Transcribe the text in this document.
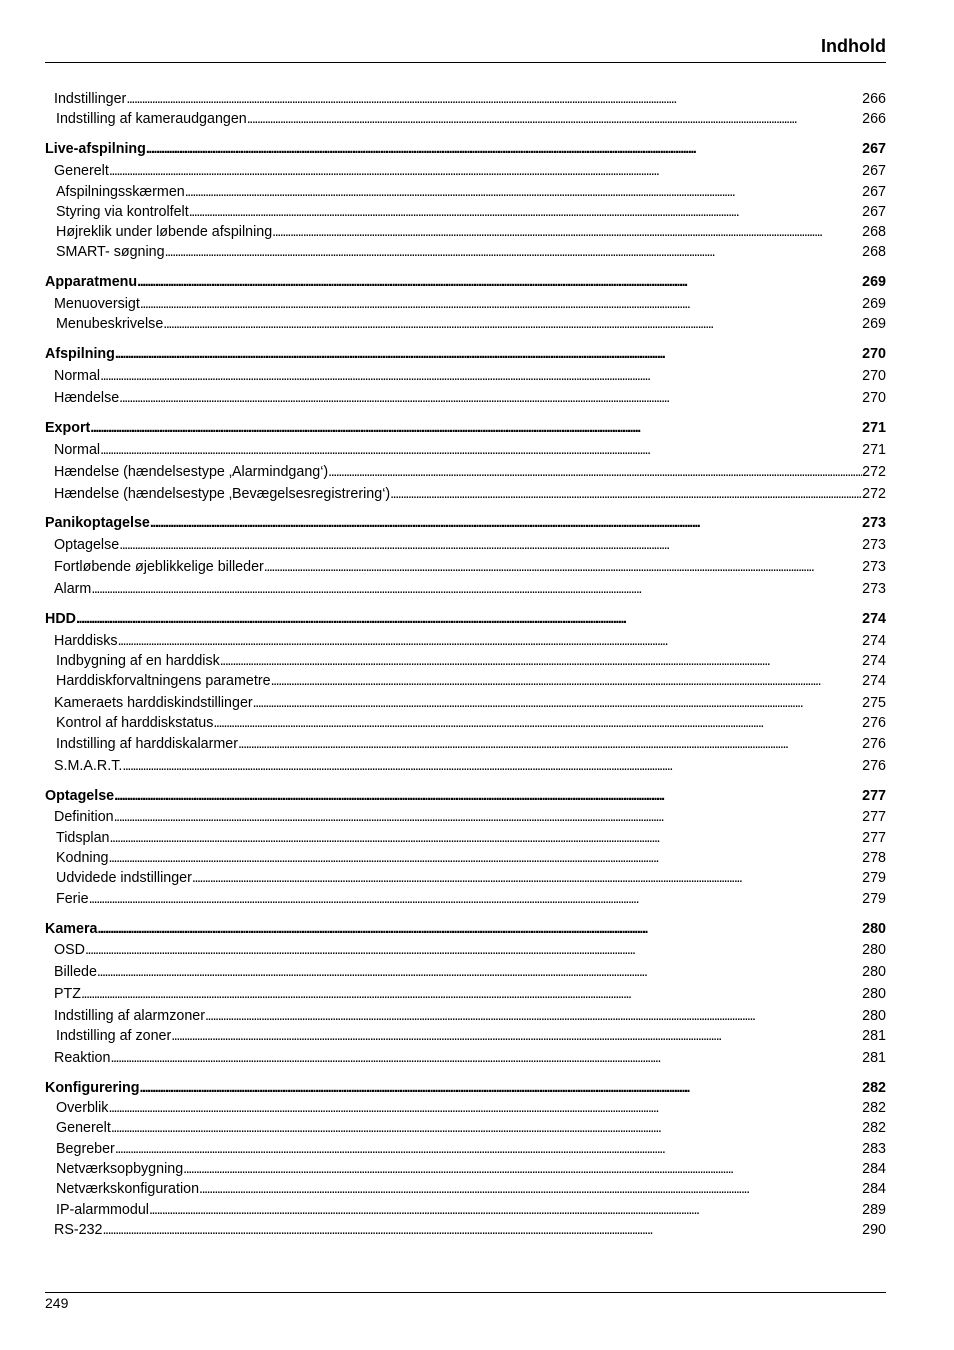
Indhold
Indstillinger . . .	266
Indstilling af kameraudgangen . . .	266
Live-afspilning . . .	267
Generelt . . .	267
Afspilningsskærmen . . .	267
Styring via kontrolfelt . . .	267
Højreklik under løbende afspilning . . .	268
SMART- søgning . . .	268
Apparatmenu . . .	269
Menuoversigt . . .	269
Menubeskrivelse . . .	269
Afspilning . . .	270
Normal . . .	270
Hændelse . . .	270
Export . . .	271
Normal . . .	271
Hændelse (hændelsestype ‚Alarmindgang‘) . . .	272
Hændelse (hændelsestype ‚Bevægelsesregistrering‘) . . .	272
Panikoptagelse . . .	273
Optagelse . . .	273
Fortløbende øjeblikkelige billeder . . .	273
Alarm . . .	273
HDD . . .	274
Harddisks . . .	274
Indbygning af en harddisk . . .	274
Harddiskforvaltningens parametre . . .	274
Kameraets harddiskindstillinger . . .	275
Kontrol af harddiskstatus . . .	276
Indstilling af harddiskalarmer . . .	276
S.M.A.R.T. . . .	276
Optagelse . . .	277
Definition . . .	277
Tidsplan . . .	277
Kodning . . .	278
Udvidede indstillinger . . .	279
Ferie . . .	279
Kamera . . .	280
OSD . . .	280
Billede . . .	280
PTZ . . .	280
Indstilling af alarmzoner . . .	280
Indstilling af zoner . . .	281
Reaktion . . .	281
Konfigurering . . .	282
Overblik . . .	282
Generelt . . .	282
Begreber . . .	283
Netværksopbygning . . .	284
Netværkskonfiguration . . .	284
IP-alarmmodul . . .	289
RS-232 . . .	290
249
